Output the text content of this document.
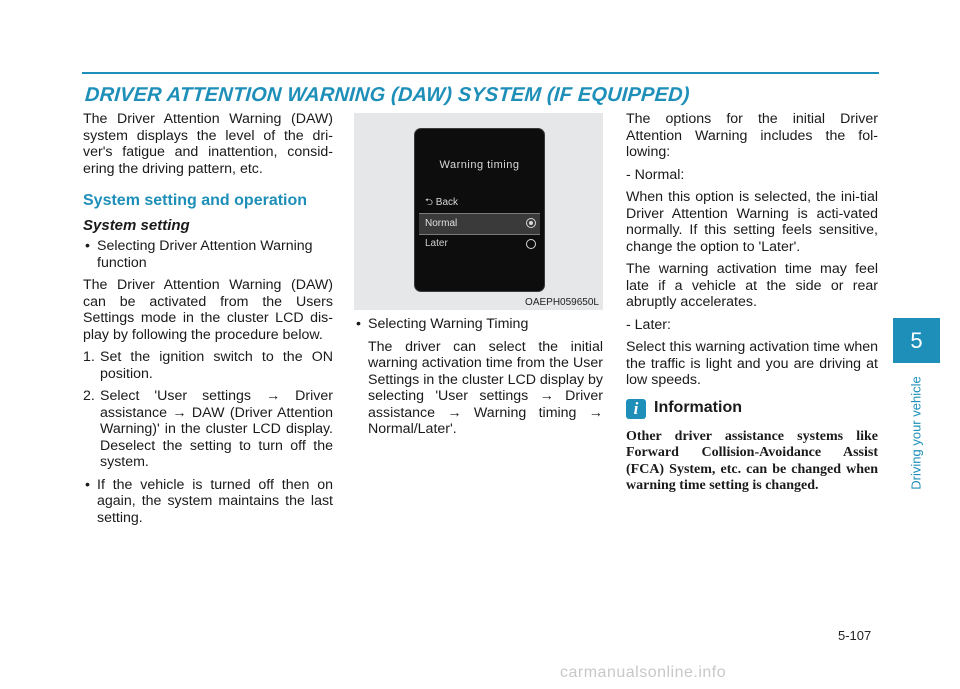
DRIVER ATTENTION WARNING (DAW) SYSTEM (IF EQUIPPED)

The Driver Attention Warning (DAW) system displays the level of the dri-ver's fatigue and inattention, consid-ering the driving pattern, etc.

System setting and operation
System setting
• Selecting Driver Attention Warning function

The Driver Attention Warning (DAW) can be activated from the Users Settings mode in the cluster LCD dis-play by following the procedure below.

1. Set the ignition switch to the ON position.
2. Select 'User settings → Driver assistance → DAW (Driver Attention Warning)' in the cluster LCD display. Deselect the setting to turn off the system.
• If the vehicle is turned off then on again, the system maintains the last setting.
Warning timing
⮌ Back
Normal
Later
OAEPH059650L
• Selecting Warning Timing

The driver can select the initial warning activation time from the User Settings in the cluster LCD display by selecting 'User settings → Driver assistance → Warning timing → Normal/Later'.

The options for the initial Driver Attention Warning includes the fol-lowing:

- Normal:

When this option is selected, the ini-tial Driver Attention Warning is acti-vated normally. If this setting feels sensitive, change the option to 'Later'.

The warning activation time may feel late if a vehicle at the side or rear abruptly accelerates.

- Later:

Select this warning activation time when the traffic is light and you are driving at low speeds.

i Information
Other driver assistance systems like Forward Collision-Avoidance Assist (FCA) System, etc. can be changed when warning time setting is changed.
5
Driving your vehicle
5-107
carmanualsonline.info
